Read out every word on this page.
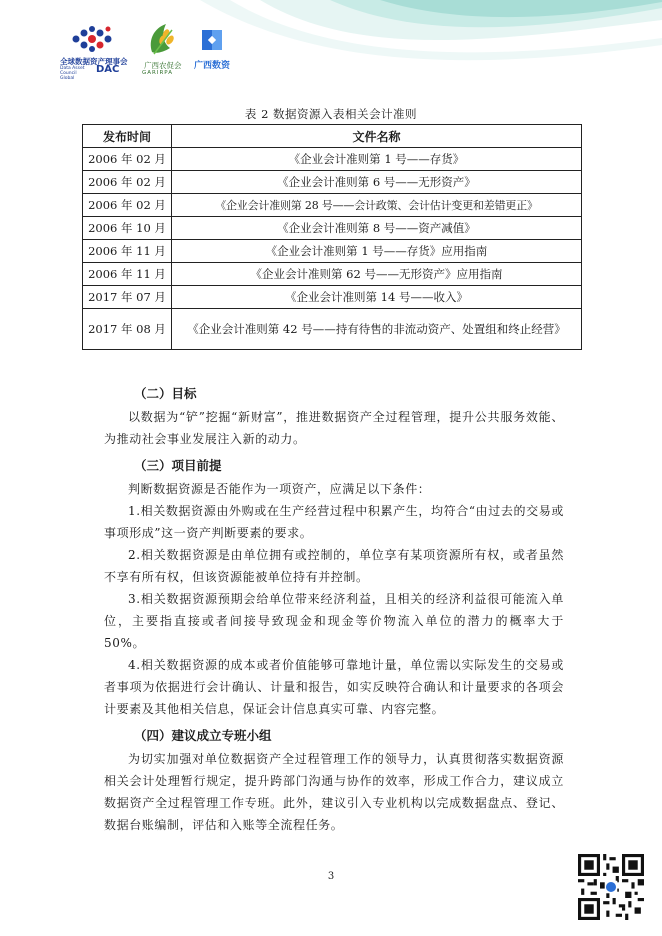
全球数据资产理事会
Data Asset Council Global
DAC	广西农促会
GARIRPA
广西数资
表 2 数据资源入表相关会计准则
发布时间	文件名称
2006 年 02 月	《企业会计准则第 1 号——存货》
2006 年 02 月	《企业会计准则第 6 号——无形资产》
2006 年 02 月	《企业会计准则第 28 号——会计政策、会计估计变更和差错更正》
2006 年 10 月	《企业会计准则第 8 号——资产减值》
2006 年 11 月	《企业会计准则第 1 号——存货》应用指南
2006 年 11 月	《企业会计准则第 62 号——无形资产》应用指南
2017 年 07 月	《企业会计准则第 14 号——收入》
2017 年 08 月	《企业会计准则第 42 号——持有待售的非流动资产、处置组和终止经营》
（二）目标
以数据为“铲”挖掘“新财富”，推进数据资产全过程管理，提升公共服务效能、为推动社会事业发展注入新的动力。
（三）项目前提
判断数据资源是否能作为一项资产，应满足以下条件：
1.相关数据资源由外购或在生产经营过程中积累产生，均符合“由过去的交易或事项形成”这一资产判断要素的要求。
2.相关数据资源是由单位拥有或控制的，单位享有某项资源所有权，或者虽然不享有所有权，但该资源能被单位持有并控制。
3.相关数据资源预期会给单位带来经济利益，且相关的经济利益很可能流入单位，主要指直接或者间接导致现金和现金等价物流入单位的潜力的概率大于 50%。
4.相关数据资源的成本或者价值能够可靠地计量，单位需以实际发生的交易或者事项为依据进行会计确认、计量和报告，如实反映符合确认和计量要求的各项会计要素及其他相关信息，保证会计信息真实可靠、内容完整。
（四）建议成立专班小组
为切实加强对单位数据资产全过程管理工作的领导力，认真贯彻落实数据资源相关会计处理暂行规定，提升跨部门沟通与协作的效率，形成工作合力，建议成立数据资产全过程管理工作专班。此外，建议引入专业机构以完成数据盘点、登记、数据台账编制，评估和入账等全流程任务。
3
